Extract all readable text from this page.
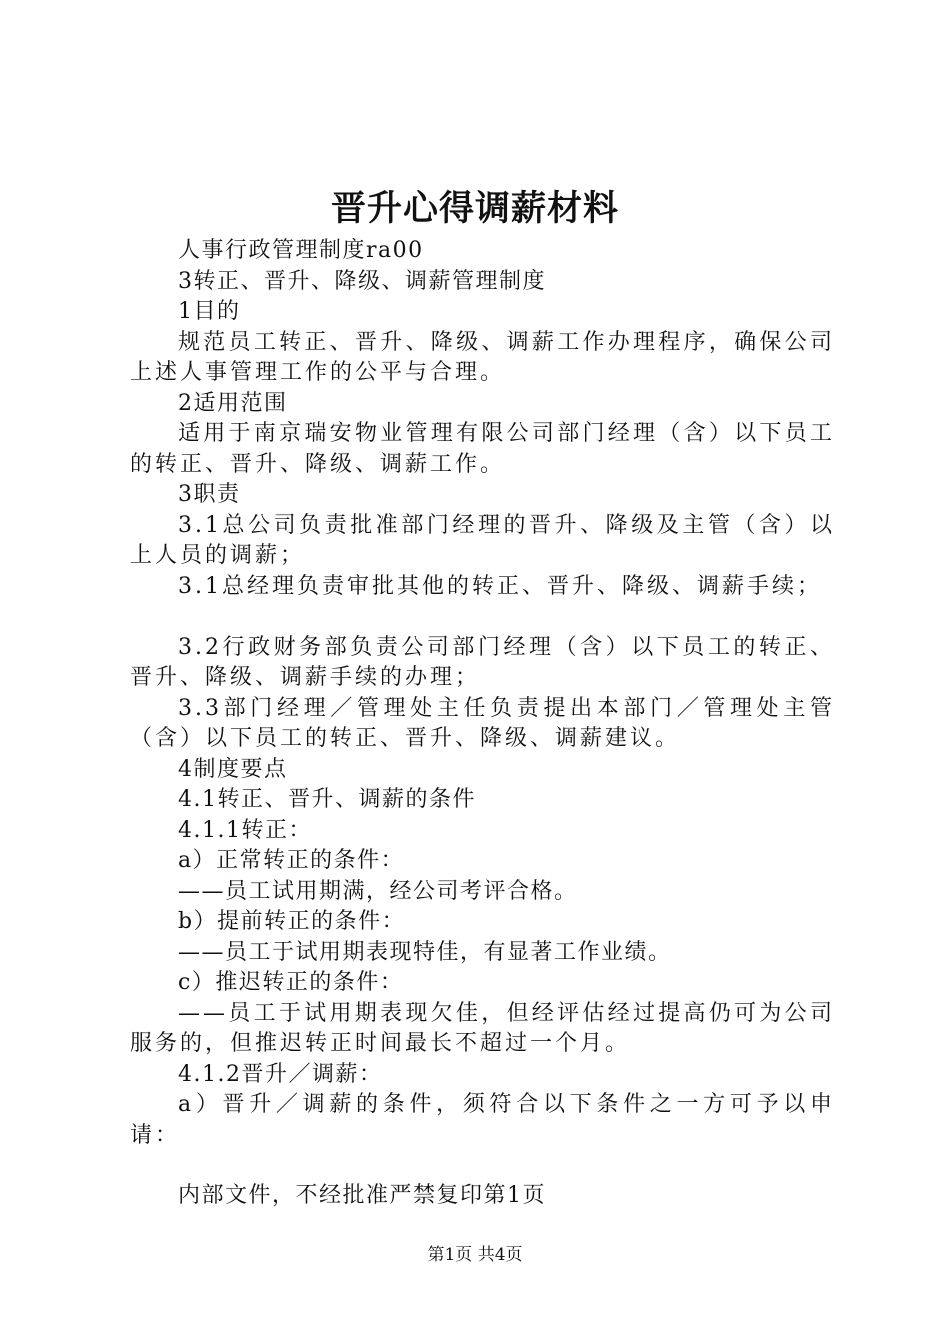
晋升心得调薪材料

人事行政管理制度ra00

3转正、晋升、降级、调薪管理制度

1目的

规范员工转正、晋升、降级、调薪工作办理程序，确保公司上述人事管理工作的公平与合理。

2适用范围

适用于南京瑞安物业管理有限公司部门经理（含）以下员工的转正、晋升、降级、调薪工作。

3职责

3.1总公司负责批准部门经理的晋升、降级及主管（含）以上人员的调薪；

3.1总经理负责审批其他的转正、晋升、降级、调薪手续；

3.2行政财务部负责公司部门经理（含）以下员工的转正、晋升、降级、调薪手续的办理；

3.3部门经理／管理处主任负责提出本部门／管理处主管（含）以下员工的转正、晋升、降级、调薪建议。

4制度要点

4.1转正、晋升、调薪的条件

4.1.1转正：

a）正常转正的条件：

——员工试用期满，经公司考评合格。

b）提前转正的条件：

——员工于试用期表现特佳，有显著工作业绩。

c）推迟转正的条件：

——员工于试用期表现欠佳，但经评估经过提高仍可为公司服务的，但推迟转正时间最长不超过一个月。

4.1.2晋升／调薪：

a）晋升／调薪的条件，须符合以下条件之一方可予以申请：

内部文件，不经批准严禁复印第1页

第1页 共4页
